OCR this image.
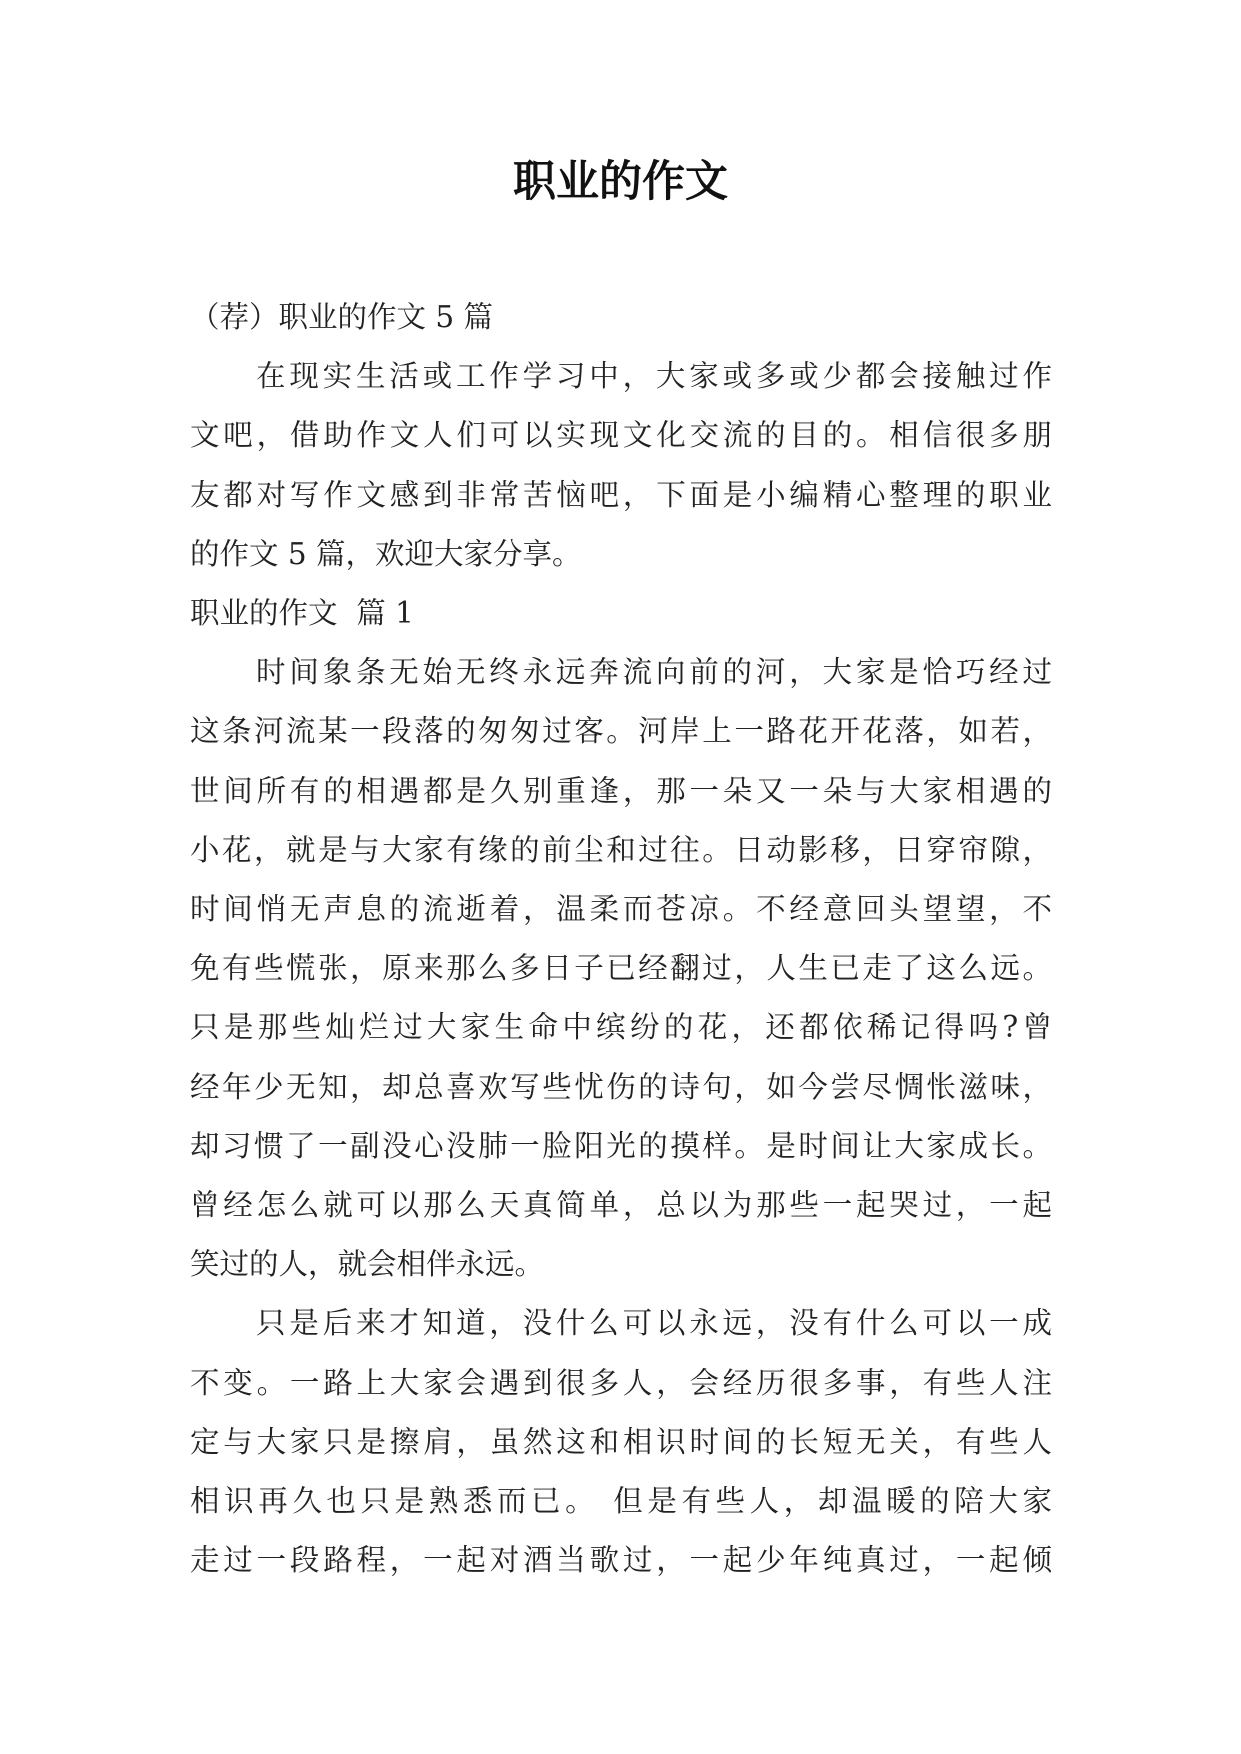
职业的作文

（荐）职业的作文 5 篇

在现实生活或工作学习中，大家或多或少都会接触过作

文吧，借助作文人们可以实现文化交流的目的。相信很多朋

友都对写作文感到非常苦恼吧，下面是小编精心整理的职业

的作文 5 篇，欢迎大家分享。

职业的作文  篇 1

时间象条无始无终永远奔流向前的河，大家是恰巧经过

这条河流某一段落的匆匆过客。河岸上一路花开花落，如若，

世间所有的相遇都是久别重逢，那一朵又一朵与大家相遇的

小花，就是与大家有缘的前尘和过往。日动影移，日穿帘隙，

时间悄无声息的流逝着，温柔而苍凉。不经意回头望望，不

免有些慌张，原来那么多日子已经翻过，人生已走了这么远。

只是那些灿烂过大家生命中缤纷的花，还都依稀记得吗?曾

经年少无知，却总喜欢写些忧伤的诗句，如今尝尽惆怅滋味，

却习惯了一副没心没肺一脸阳光的摸样。是时间让大家成长。

曾经怎么就可以那么天真简单，总以为那些一起哭过，一起

笑过的人，就会相伴永远。

只是后来才知道，没什么可以永远，没有什么可以一成

不变。一路上大家会遇到很多人，会经历很多事，有些人注

定与大家只是擦肩，虽然这和相识时间的长短无关，有些人

相识再久也只是熟悉而已。 但是有些人，却温暖的陪大家

走过一段路程，一起对酒当歌过，一起少年纯真过，一起倾
